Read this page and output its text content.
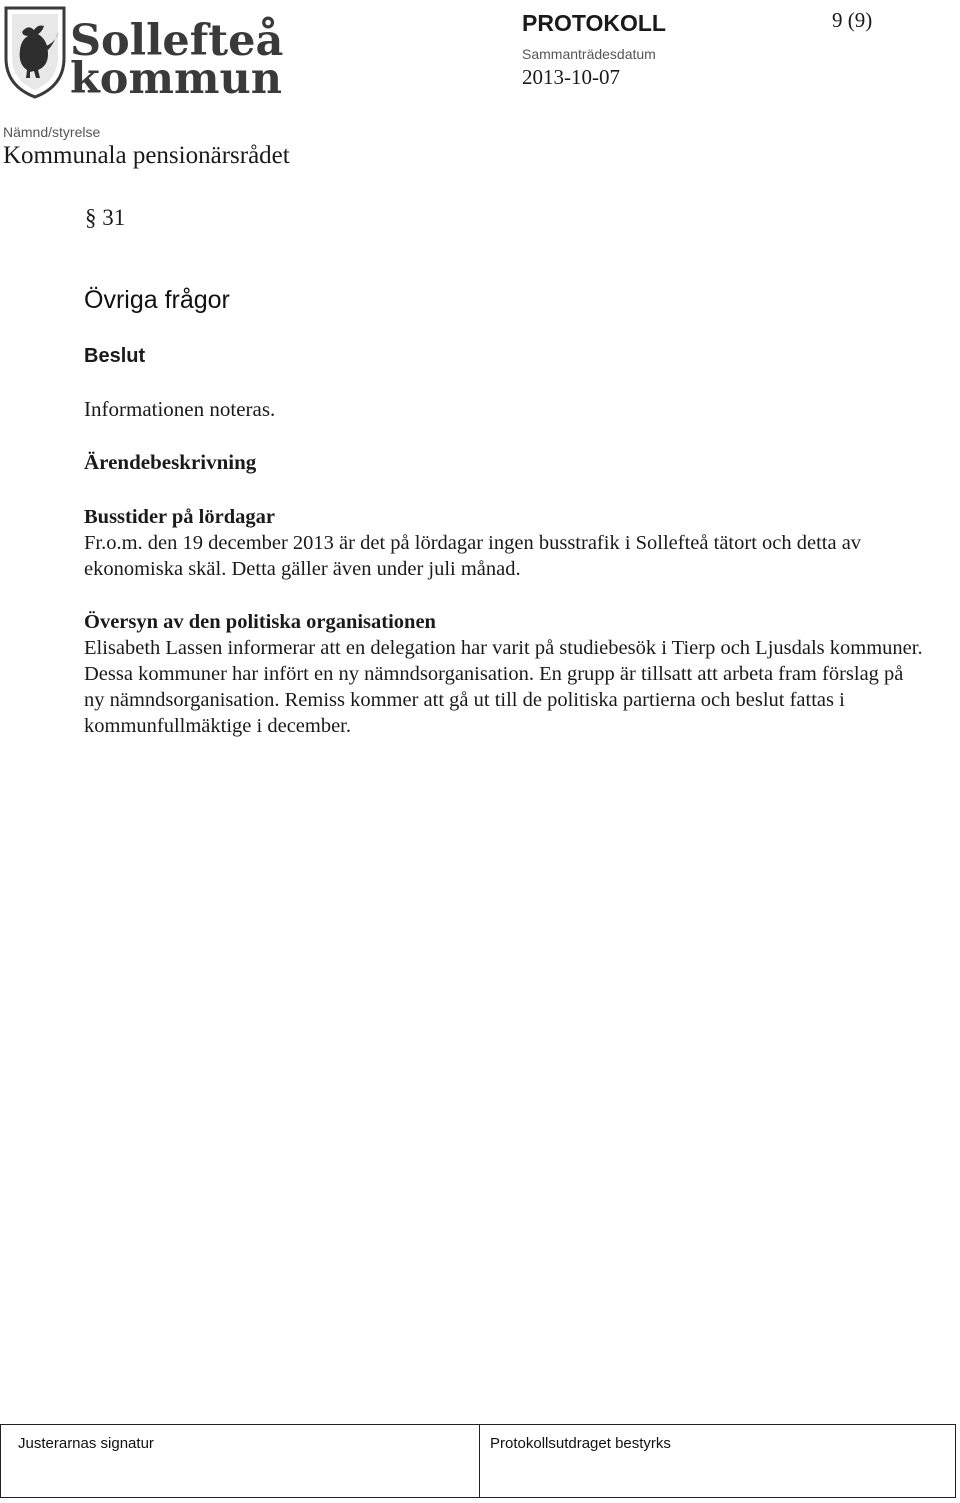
Sollefteå
kommun
PROTOKOLL	9 (9)
Sammanträdesdatum
2013-10-07
Nämnd/styrelse
Kommunala pensionärsrådet
§ 31
Övriga frågor
Beslut
Informationen noteras.
Ärendebeskrivning
Busstider på lördagar
Fr.o.m. den 19 december 2013 är det på lördagar ingen busstrafik i Sollefteå tätort och detta av ekonomiska skäl. Detta gäller även under juli månad.
Översyn av den politiska organisationen
Elisabeth Lassen informerar att en delegation har varit på studiebesök i Tierp och Ljusdals kommuner. Dessa kommuner har infört en ny nämndsorganisation. En grupp är tillsatt att arbeta fram förslag på ny nämndsorganisation. Remiss kommer att gå ut till de politiska partierna och beslut fattas i kommunfullmäktige i december.
Justerarnas signatur	Protokollsutdraget bestyrks
